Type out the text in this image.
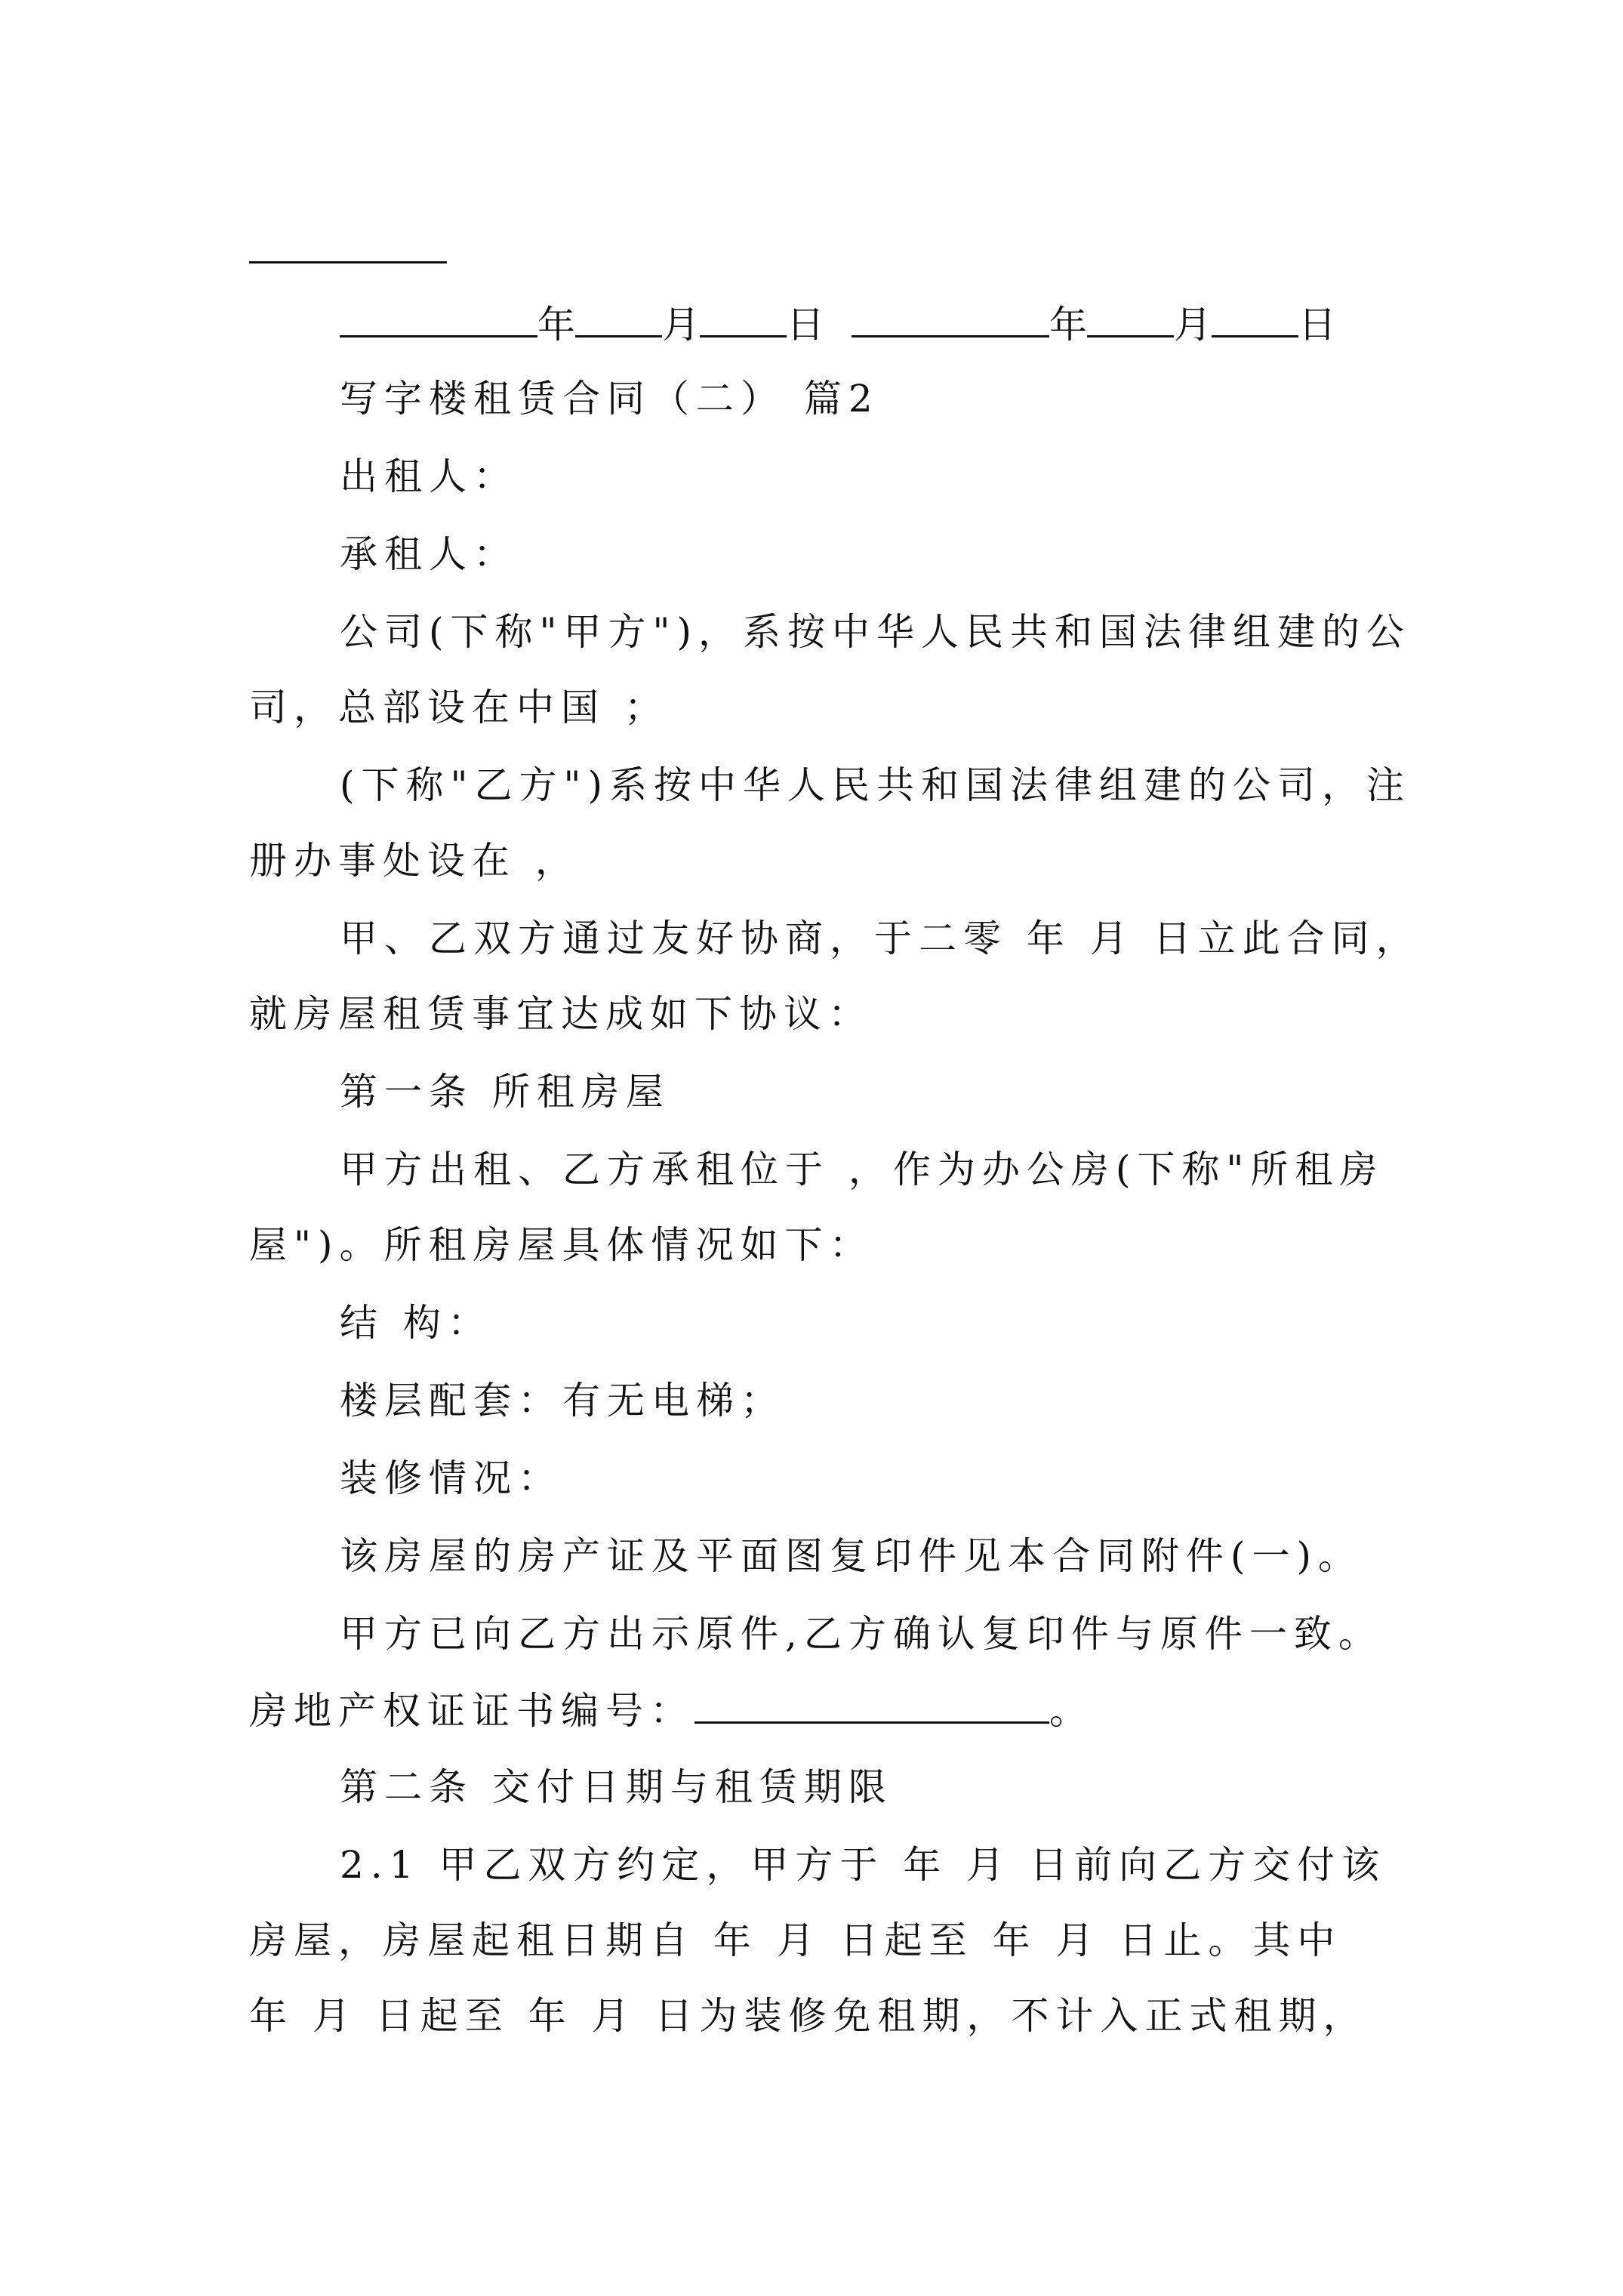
年 月 日	年 月 日
写字楼租赁合同（二） 篇2
出租人：
承租人：
公司(下称"甲方")，系按中华人民共和国法律组建的公
司，总部设在中国 ；
(下称"乙方")系按中华人民共和国法律组建的公司，注
册办事处设在 ，
甲、乙双方通过友好协商，于二零 年 月 日立此合同，
就房屋租赁事宜达成如下协议：
第一条 所租房屋
甲方出租、乙方承租位于 ，作为办公房(下称"所租房
屋")。所租房屋具体情况如下：
结 构：
楼层配套：有无电梯；
装修情况：
该房屋的房产证及平面图复印件见本合同附件(一)。
甲方已向乙方出示原件,乙方确认复印件与原件一致。
房地产权证证书编号：	。
第二条 交付日期与租赁期限
2.1 甲乙双方约定，甲方于 年 月 日前向乙方交付该
房屋，房屋起租日期自 年 月 日起至 年 月 日止。其中
年 月 日起至 年 月 日为装修免租期，不计入正式租期，
